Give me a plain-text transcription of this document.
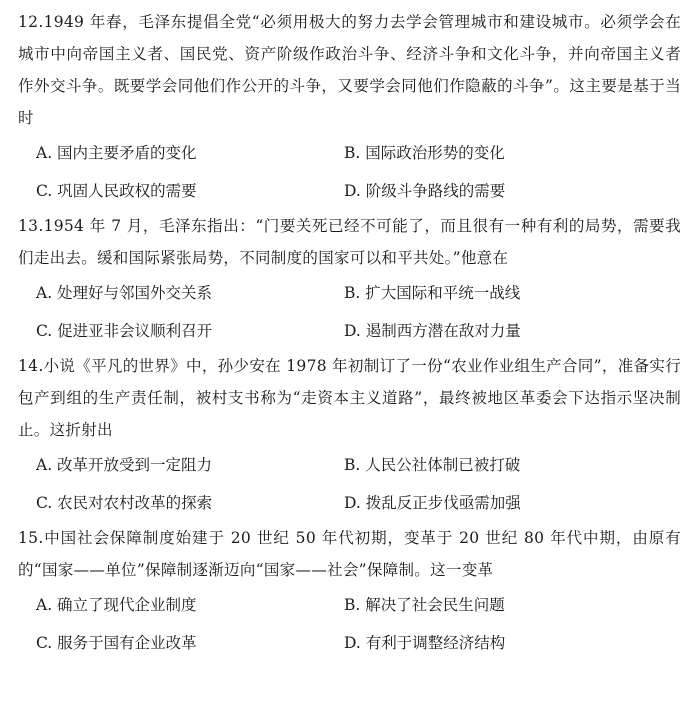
12.1949 年春，毛泽东提倡全党“必须用极大的努力去学会管理城市和建设城市。必须学会在城市中向帝国主义者、国民党、资产阶级作政治斗争、经济斗争和文化斗争，并向帝国主义者作外交斗争。既要学会同他们作公开的斗争，又要学会同他们作隐蔽的斗争”。这主要是基于当时

A. 国内主要矛盾的变化	B. 国际政治形势的变化

C. 巩固人民政权的需要	D. 阶级斗争路线的需要

13.1954 年 7 月，毛泽东指出：“门要关死已经不可能了，而且很有一种有利的局势，需要我们走出去。缓和国际紧张局势，不同制度的国家可以和平共处。”他意在

A. 处理好与邻国外交关系	B. 扩大国际和平统一战线

C. 促进亚非会议顺利召开	D. 遏制西方潜在敌对力量

14.小说《平凡的世界》中，孙少安在 1978 年初制订了一份“农业作业组生产合同”，准备实行包产到组的生产责任制，被村支书称为“走资本主义道路”，最终被地区革委会下达指示坚决制止。这折射出

A. 改革开放受到一定阻力	B. 人民公社体制已被打破

C. 农民对农村改革的探索	D. 拨乱反正步伐亟需加强

15.中国社会保障制度始建于 20 世纪 50 年代初期，变革于 20 世纪 80 年代中期，由原有的“国家——单位”保障制逐渐迈向“国家——社会”保障制。这一变革

A. 确立了现代企业制度	B. 解决了社会民生问题

C. 服务于国有企业改革	D. 有利于调整经济结构
